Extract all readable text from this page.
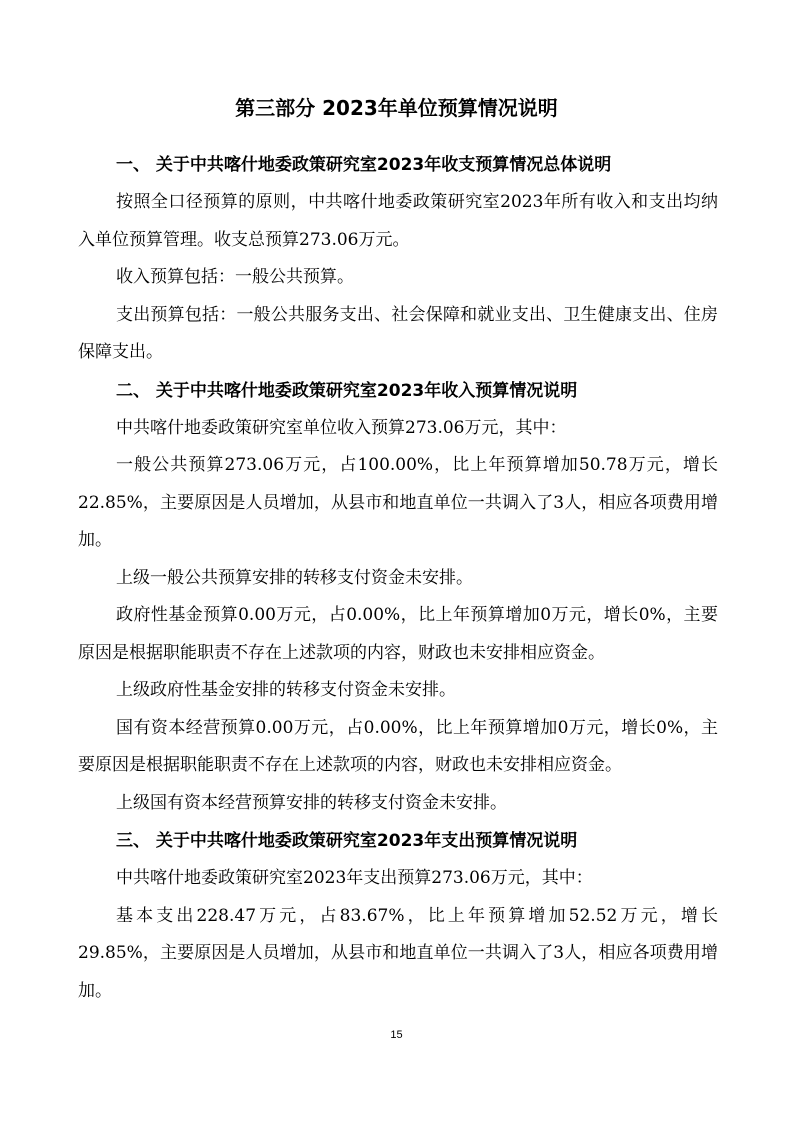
第三部分 2023年单位预算情况说明
一、 关于中共喀什地委政策研究室2023年收支预算情况总体说明

按照全口径预算的原则，中共喀什地委政策研究室2023年所有收入和支出均纳入单位预算管理。收支总预算273.06万元。

收入预算包括：一般公共预算。

支出预算包括：一般公共服务支出、社会保障和就业支出、卫生健康支出、住房保障支出。

二、 关于中共喀什地委政策研究室2023年收入预算情况说明

中共喀什地委政策研究室单位收入预算273.06万元，其中：

一般公共预算273.06万元，占100.00%，比上年预算增加50.78万元，增长22.85%，主要原因是人员增加，从县市和地直单位一共调入了3人，相应各项费用增加。

上级一般公共预算安排的转移支付资金未安排。

政府性基金预算0.00万元，占0.00%，比上年预算增加0万元，增长0%，主要原因是根据职能职责不存在上述款项的内容，财政也未安排相应资金。

上级政府性基金安排的转移支付资金未安排。

国有资本经营预算0.00万元，占0.00%，比上年预算增加0万元，增长0%，主要原因是根据职能职责不存在上述款项的内容，财政也未安排相应资金。

上级国有资本经营预算安排的转移支付资金未安排。

三、 关于中共喀什地委政策研究室2023年支出预算情况说明

中共喀什地委政策研究室2023年支出预算273.06万元，其中：

基本支出228.47万元，占83.67%，比上年预算增加52.52万元，增长29.85%，主要原因是人员增加，从县市和地直单位一共调入了3人，相应各项费用增加。

15
